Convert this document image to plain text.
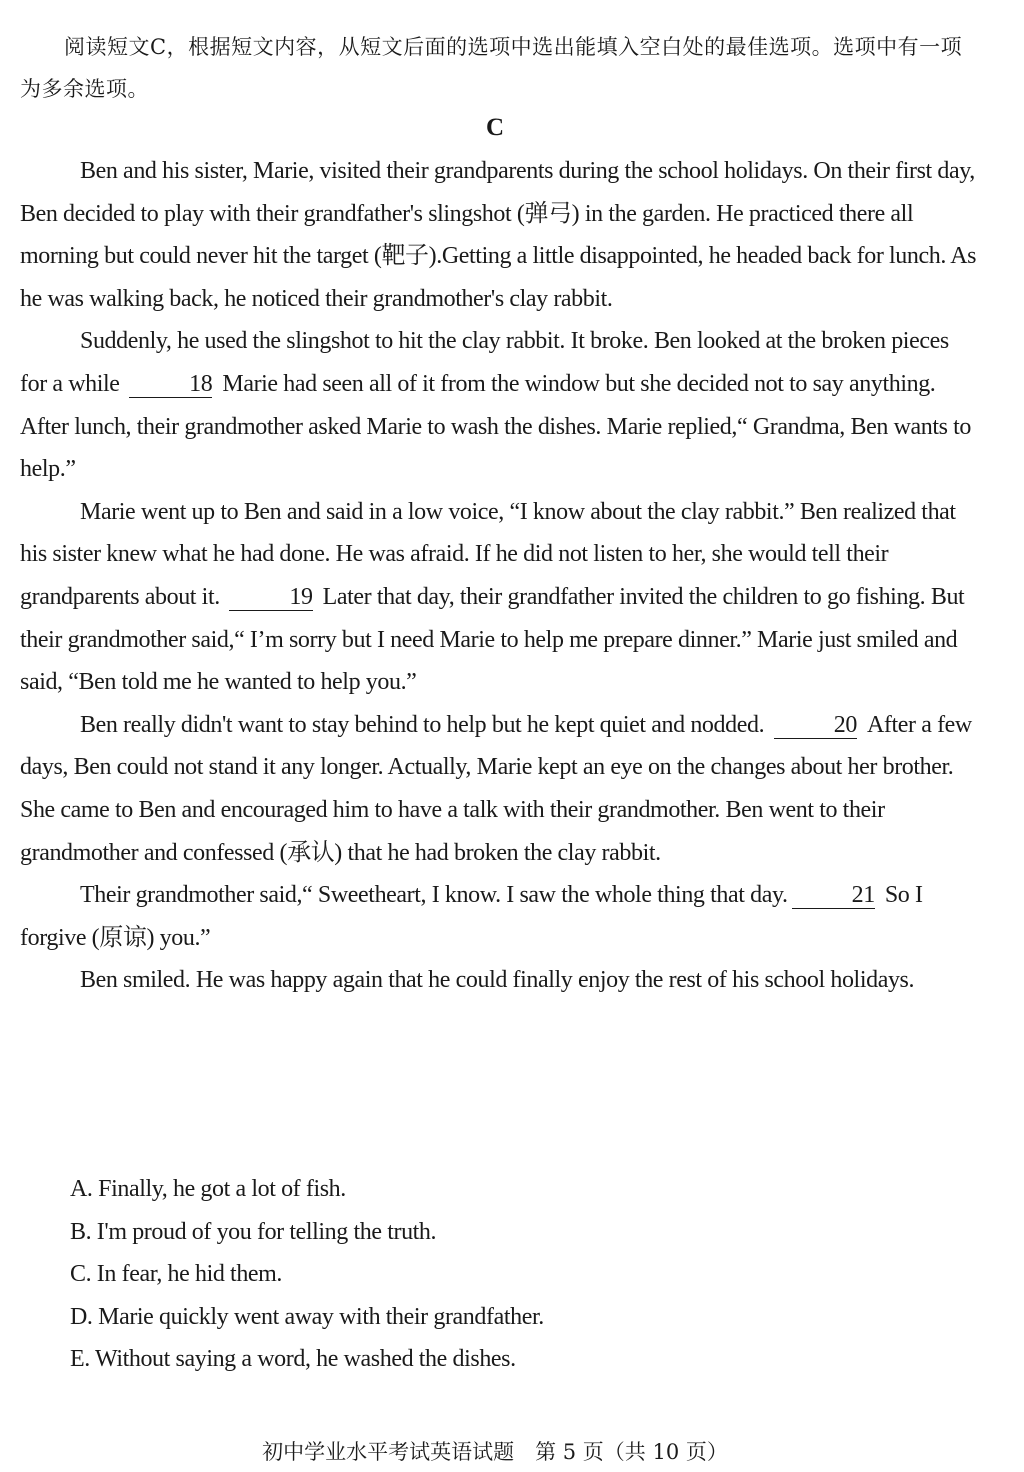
阅读短文C，根据短文内容，从短文后面的选项中选出能填入空白处的最佳选项。选项中有一项为多余选项。
C

Ben and his sister, Marie, visited their grandparents during the school holidays. On their first day, Ben decided to play with their grandfather's slingshot (弹弓) in the garden. He practiced there all morning but could never hit the target (靶子).Getting a little disappointed, he headed back for lunch. As he was walking back, he noticed their grandmother's clay rabbit.

Suddenly, he used the slingshot to hit the clay rabbit. It broke. Ben looked at the broken pieces for a while	18 Marie had seen all of it from the window but she decided not to say anything. After lunch, their grandmother asked Marie to wash the dishes. Marie replied,“ Grandma, Ben wants to help.”

Marie went up to Ben and said in a low voice, “I know about the clay rabbit.” Ben realized that his sister knew what he had done. He was afraid. If he did not listen to her, she would tell their grandparents about it.	19 Later that day, their grandfather invited the children to go fishing. But their grandmother said,“ I’m sorry but I need Marie to help me prepare dinner.” Marie just smiled and said, “Ben told me he wanted to help you.”

Ben really didn't want to stay behind to help but he kept quiet and nodded.	20 After a few days, Ben could not stand it any longer. Actually, Marie kept an eye on the changes about her brother. She came to Ben and encouraged him to have a talk with their grandmother. Ben went to their grandmother and confessed (承认) that he had broken the clay rabbit.

Their grandmother said,“ Sweetheart, I know. I saw the whole thing that day.	21 So I forgive (原谅) you.”

Ben smiled. He was happy again that he could finally enjoy the rest of his school holidays.

A. Finally, he got a lot of fish.
B. I'm proud of you for telling the truth.
C. In fear, he hid them.
D. Marie quickly went away with their grandfather.
E. Without saying a word, he washed the dishes.
初中学业水平考试英语试题　第 5 页（共 10 页）
